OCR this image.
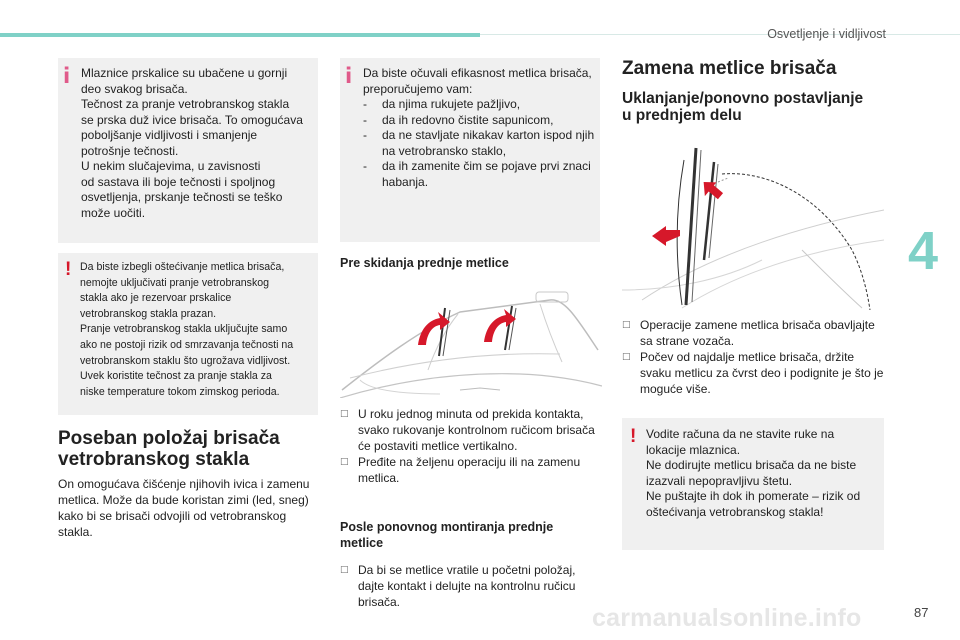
Osvetljenje i vidljivost
4
i Mlaznice prskalice su ubačene u gornji
deo svakog brisača.
Tečnost za pranje vetrobranskog stakla
se prska duž ivice brisača. To omogućava
poboljšanje vidljivosti i smanjenje
potrošnje tečnosti.
U nekim slučajevima, u zavisnosti
od sastava ili boje tečnosti i spoljnog
osvetljenja, prskanje tečnosti se teško
može uočiti.
! Da biste izbegli oštećivanje metlica brisača,
nemojte uključivati pranje vetrobranskog
stakla ako je rezervoar prskalice
vetrobranskog stakla prazan.
Pranje vetrobranskog stakla uključujte samo
ako ne postoji rizik od smrzavanja tečnosti na
vetrobranskom staklu što ugrožava vidljivost.
Uvek koristite tečnost za pranje stakla za
niske temperature tokom zimskog perioda.
Poseban položaj brisača
vetrobranskog stakla
On omogućava čišćenje njihovih ivica i zamenu metlica. Može da bude koristan zimi (led, sneg) kako bi se brisači odvojili od vetrobranskog stakla.
i Da biste očuvali efikasnost metlica brisača, preporučujemo vam:
- da njima rukujete pažljivo,
- da ih redovno čistite sapunicom,
- da ne stavljate nikakav karton ispod njih na vetrobransko staklo,
- da ih zamenite čim se pojave prvi znaci habanja.
Pre skidanja prednje metlice
□ U roku jednog minuta od prekida kontakta, svako rukovanje kontrolnom ručicom brisača će postaviti metlice vertikalno.
□ Pređite na željenu operaciju ili na zamenu metlica.
Posle ponovnog montiranja prednje
metlice
□ Da bi se metlice vratile u početni položaj, dajte kontakt i delujte na kontrolnu ručicu brisača.
Zamena metlice brisača
Uklanjanje/ponovno postavljanje
u prednjem delu
□ Operacije zamene metlica brisača obavljajte sa strane vozača.
□ Počev od najdalje metlice brisača, držite svaku metlicu za čvrst deo i podignite je što je moguće više.
! Vodite računa da ne stavite ruke na
lokacije mlaznica.
Ne dodirujte metlicu brisača da ne biste
izazvali nepopravljivu štetu.
Ne puštajte ih dok ih pomerate – rizik od
oštećivanja vetrobranskog stakla!
carmanualsonline.info	87
